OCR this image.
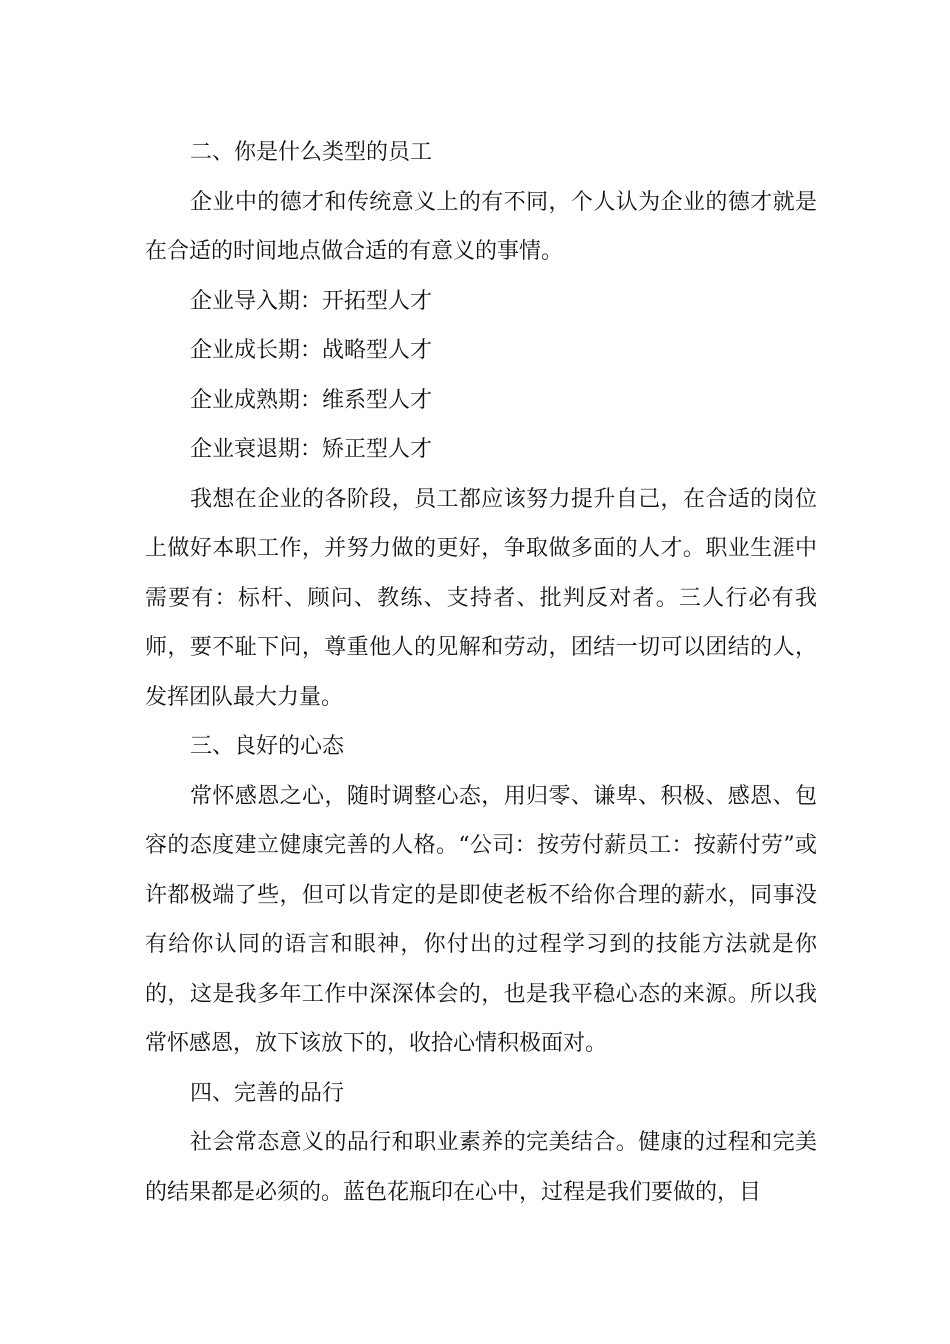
二、你是什么类型的员工

企业中的德才和传统意义上的有不同，个人认为企业的德才就是在合适的时间地点做合适的有意义的事情。

企业导入期：开拓型人才

企业成长期：战略型人才

企业成熟期：维系型人才

企业衰退期：矫正型人才

我想在企业的各阶段，员工都应该努力提升自己，在合适的岗位上做好本职工作，并努力做的更好，争取做多面的人才。职业生涯中需要有：标杆、顾问、教练、支持者、批判反对者。三人行必有我师，要不耻下问，尊重他人的见解和劳动，团结一切可以团结的人，发挥团队最大力量。

三、良好的心态

常怀感恩之心，随时调整心态，用归零、谦卑、积极、感恩、包容的态度建立健康完善的人格。“公司：按劳付薪员工：按薪付劳”或许都极端了些，但可以肯定的是即使老板不给你合理的薪水，同事没有给你认同的语言和眼神，你付出的过程学习到的技能方法就是你的，这是我多年工作中深深体会的，也是我平稳心态的来源。所以我常怀感恩，放下该放下的，收拾心情积极面对。

四、完善的品行

社会常态意义的品行和职业素养的完美结合。健康的过程和完美的结果都是必须的。蓝色花瓶印在心中，过程是我们要做的，目
